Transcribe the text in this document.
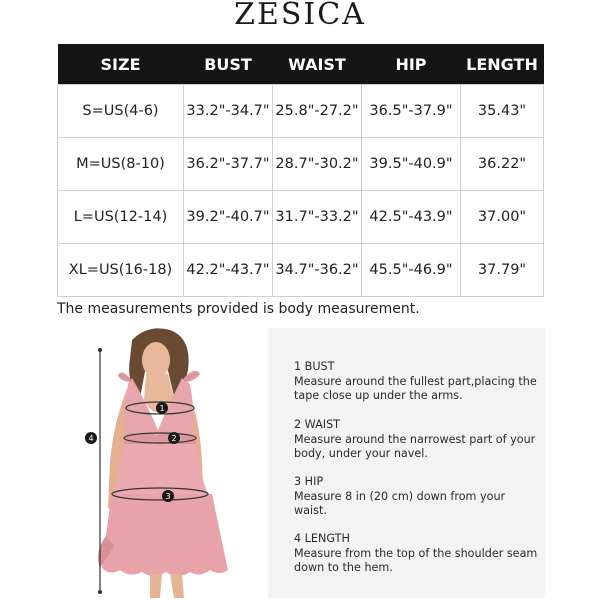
ZESICA
SIZE	BUST	WAIST	HIP	LENGTH
S=US(4-6)	33.2"-34.7"	25.8"-27.2"	36.5"-37.9"	35.43"
M=US(8-10)	36.2"-37.7"	28.7"-30.2"	39.5"-40.9"	36.22"
L=US(12-14)	39.2"-40.7"	31.7"-33.2"	42.5"-43.9"	37.00"
XL=US(16-18)	42.2"-43.7"	34.7"-36.2"	45.5"-46.9"	37.79"
The measurements provided is body measurement.
1
2
3
4
1 BUST
Measure around the fullest part,placing the tape close up under the arms.
2 WAIST
Measure around the narrowest part of your body, under your navel.
3 HIP
Measure 8 in (20 cm) down from your waist.
4 LENGTH
Measure from the top of the shoulder seam down to the hem.
